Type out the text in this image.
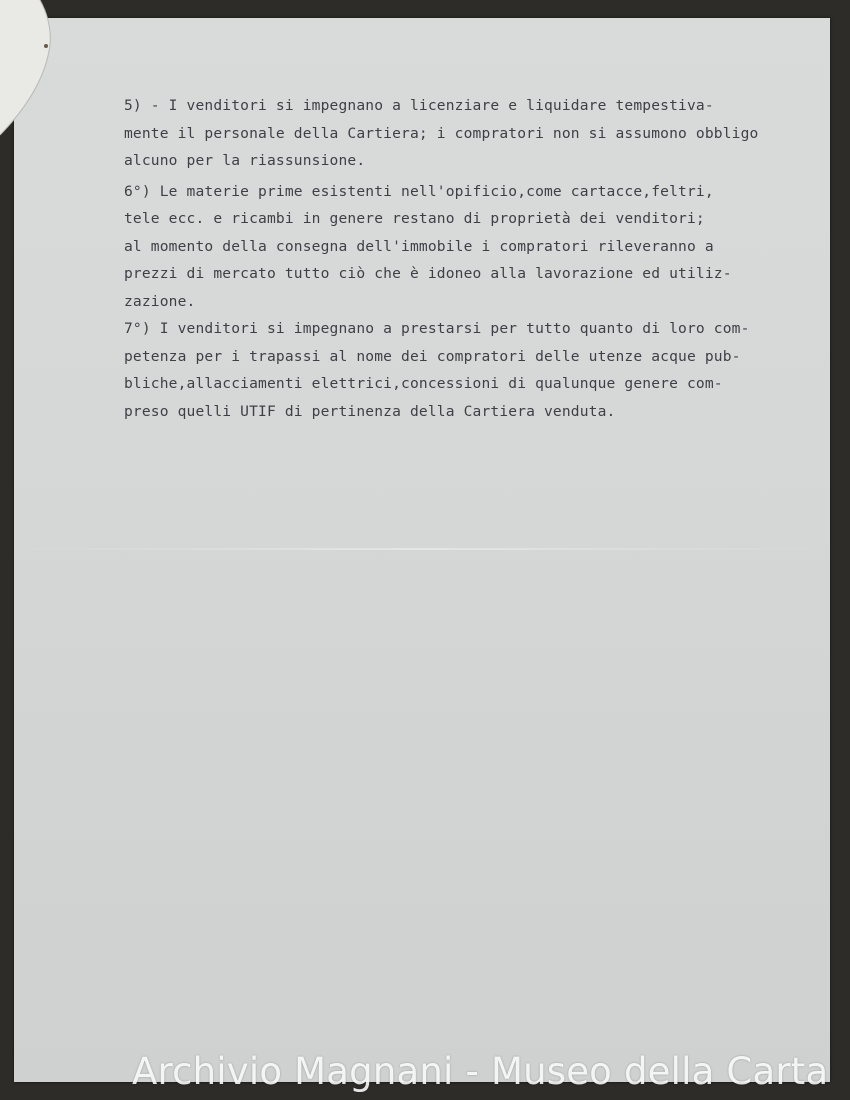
5) - I venditori si impegnano a licenziare e liquidare tempestiva-
mente il personale della Cartiera; i compratori non si assumono obbligo
alcuno per la riassunsione.
6°) Le materie prime esistenti nell'opificio,come cartacce,feltri,
tele ecc. e ricambi in genere restano di proprietà dei venditori;
al momento della consegna dell'immobile i compratori rileveranno a
prezzi di mercato tutto ciò che è idoneo alla lavorazione ed utiliz-
zazione.
7°) I venditori si impegnano a prestarsi per tutto quanto di loro com-
petenza per i trapassi al nome dei compratori delle utenze acque pub-
bliche,allacciamenti elettrici,concessioni di qualunque genere com-
preso quelli UTIF di pertinenza della Cartiera venduta.
Archivio Magnani - Museo della Carta
